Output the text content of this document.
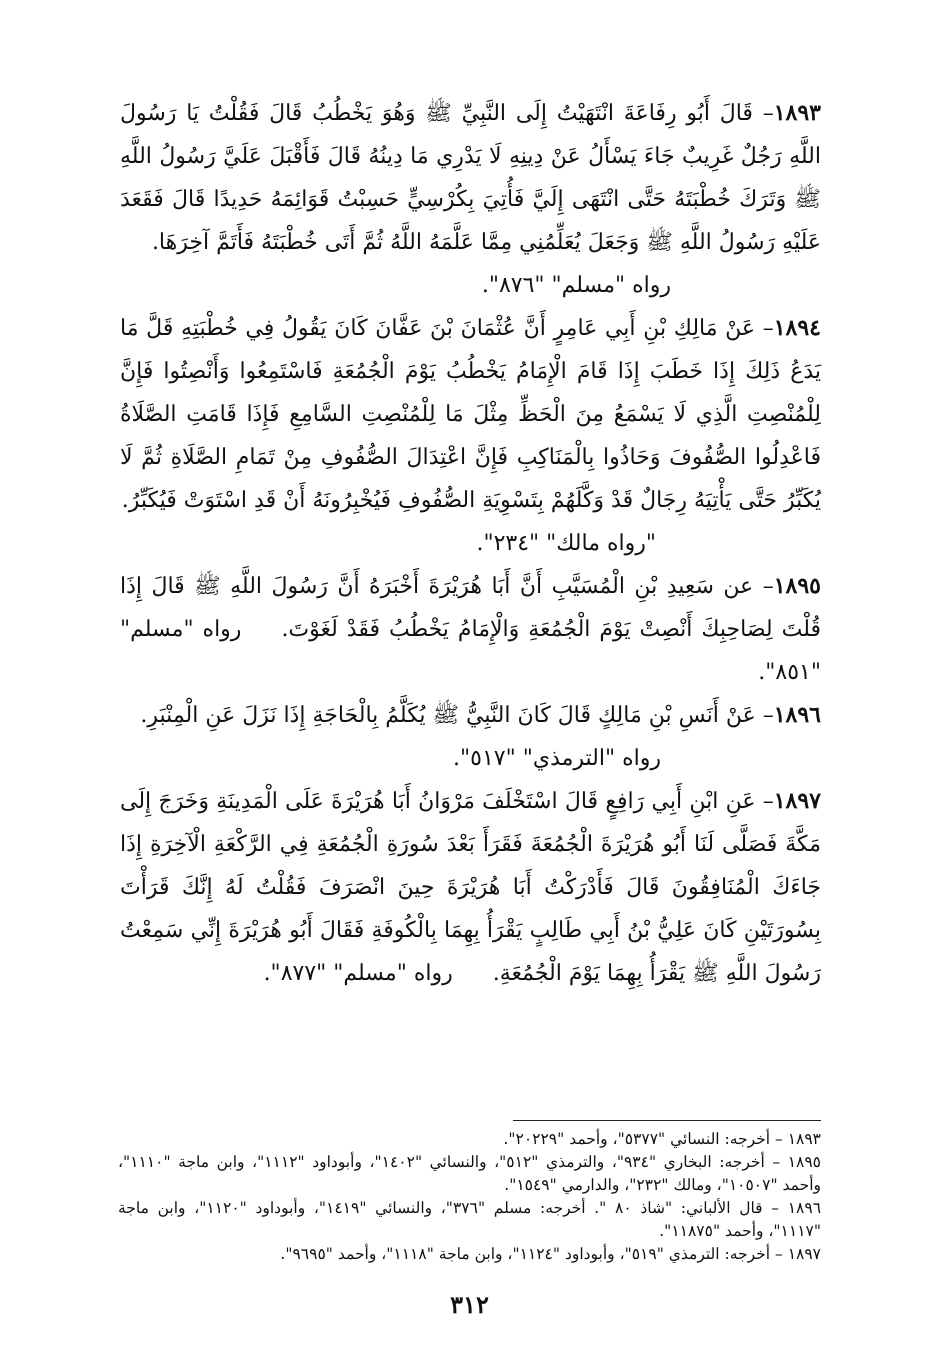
١٨٩٣– قَالَ أَبُو رِفَاعَةَ انْتَهَيْتُ إِلَى النَّبِيِّ ﷺ وَهُوَ يَخْطُبُ قَالَ فَقُلْتُ يَا رَسُولَ اللَّهِ رَجُلٌ غَرِيبٌ جَاءَ يَسْأَلُ عَنْ دِينِهِ لَا يَدْرِي مَا دِينُهُ قَالَ فَأَقْبَلَ عَلَيَّ رَسُولُ اللَّهِ ﷺ وَتَرَكَ خُطْبَتَهُ حَتَّى انْتَهَى إِلَيَّ فَأُتِيَ بِكُرْسِيٍّ حَسِبْتُ قَوَائِمَهُ حَدِيدًا قَالَ فَقَعَدَ عَلَيْهِ رَسُولُ اللَّهِ ﷺ وَجَعَلَ يُعَلِّمُنِي مِمَّا عَلَّمَهُ اللَّهُ ثُمَّ أَتَى خُطْبَتَهُ فَأَتَمَّ آخِرَهَا.

رواه "مسلم" "٨٧٦".

١٨٩٤– عَنْ مَالِكِ بْنِ أَبِي عَامِرٍ أَنَّ عُثْمَانَ بْنَ عَفَّانَ كَانَ يَقُولُ فِي خُطْبَتِهِ قَلَّ مَا يَدَعُ ذَلِكَ إِذَا خَطَبَ إِذَا قَامَ الْإِمَامُ يَخْطُبُ يَوْمَ الْجُمُعَةِ فَاسْتَمِعُوا وَأَنْصِتُوا فَإِنَّ لِلْمُنْصِتِ الَّذِي لَا يَسْمَعُ مِنَ الْحَظِّ مِثْلَ مَا لِلْمُنْصِتِ السَّامِعِ فَإِذَا قَامَتِ الصَّلَاةُ فَاعْدِلُوا الصُّفُوفَ وَحَاذُوا بِالْمَنَاكِبِ فَإِنَّ اعْتِدَالَ الصُّفُوفِ مِنْ تَمَامِ الصَّلَاةِ ثُمَّ لَا يُكَبِّرُ حَتَّى يَأْتِيَهُ رِجَالٌ قَدْ وَكَّلَهُمْ بِتَسْوِيَةِ الصُّفُوفِ فَيُخْبِرُونَهُ أَنْ قَدِ اسْتَوَتْ فَيُكَبِّرُ.

"رواه مالك" "٢٣٤".

١٨٩٥– عن سَعِيدِ بْنِ الْمُسَيَّبِ أَنَّ أَبَا هُرَيْرَةَ أَخْبَرَهُ أَنَّ رَسُولَ اللَّهِ ﷺ قَالَ إِذَا قُلْتَ لِصَاحِبِكَ أَنْصِتْ يَوْمَ الْجُمُعَةِ وَالْإِمَامُ يَخْطُبُ فَقَدْ لَغَوْتَ.رواه "مسلم" "٨٥١".

١٨٩٦– عَنْ أَنَسِ بْنِ مَالِكٍ قَالَ كَانَ النَّبِيُّ ﷺ يُكَلَّمُ بِالْحَاجَةِ إِذَا نَزَلَ عَنِ الْمِنْبَرِ.

رواه "الترمذي" "٥١٧".

١٨٩٧– عَنِ ابْنِ أَبِي رَافِعٍ قَالَ اسْتَخْلَفَ مَرْوَانُ أَبَا هُرَيْرَةَ عَلَى الْمَدِينَةِ وَخَرَجَ إِلَى مَكَّةَ فَصَلَّى لَنَا أَبُو هُرَيْرَةَ الْجُمُعَةَ فَقَرَأَ بَعْدَ سُورَةِ الْجُمُعَةِ فِي الرَّكْعَةِ الْآخِرَةِ إِذَا جَاءَكَ الْمُنَافِقُونَ قَالَ فَأَدْرَكْتُ أَبَا هُرَيْرَةَ حِينَ انْصَرَفَ فَقُلْتُ لَهُ إِنَّكَ قَرَأْتَ بِسُورَتَيْنِ كَانَ عَلِيُّ بْنُ أَبِي طَالِبٍ يَقْرَأُ بِهِمَا بِالْكُوفَةِ فَقَالَ أَبُو هُرَيْرَةَ إِنِّي سَمِعْتُ رَسُولَ اللَّهِ ﷺ يَقْرَأُ بِهِمَا يَوْمَ الْجُمُعَةِ.رواه "مسلم" "٨٧٧".

١٨٩٣ – أخرجه: النسائي "٥٣٧٧"، وأحمد "٢٠٢٢٩".

١٨٩٥ – أخرجه: البخاري "٩٣٤"، والترمذي "٥١٢"، والنسائي "١٤٠٢"، وأبوداود "١١١٢"، وابن ماجة "١١١٠"، وأحمد "١٠٥٠٧"، ومالك "٢٣٢"، والدارمي "١٥٤٩".

١٨٩٦ – قال الألباني: "شاذ ٨٠ ". أخرجه: مسلم "٣٧٦"، والنسائي "١٤١٩"، وأبوداود "١١٢٠"، وابن ماجة "١١١٧"، وأحمد "١١٨٧٥".

١٨٩٧ – أخرجه: الترمذي "٥١٩"، وأبوداود "١١٢٤"، وابن ماجة "١١١٨"، وأحمد "٩٦٩٥".

٣١٢
